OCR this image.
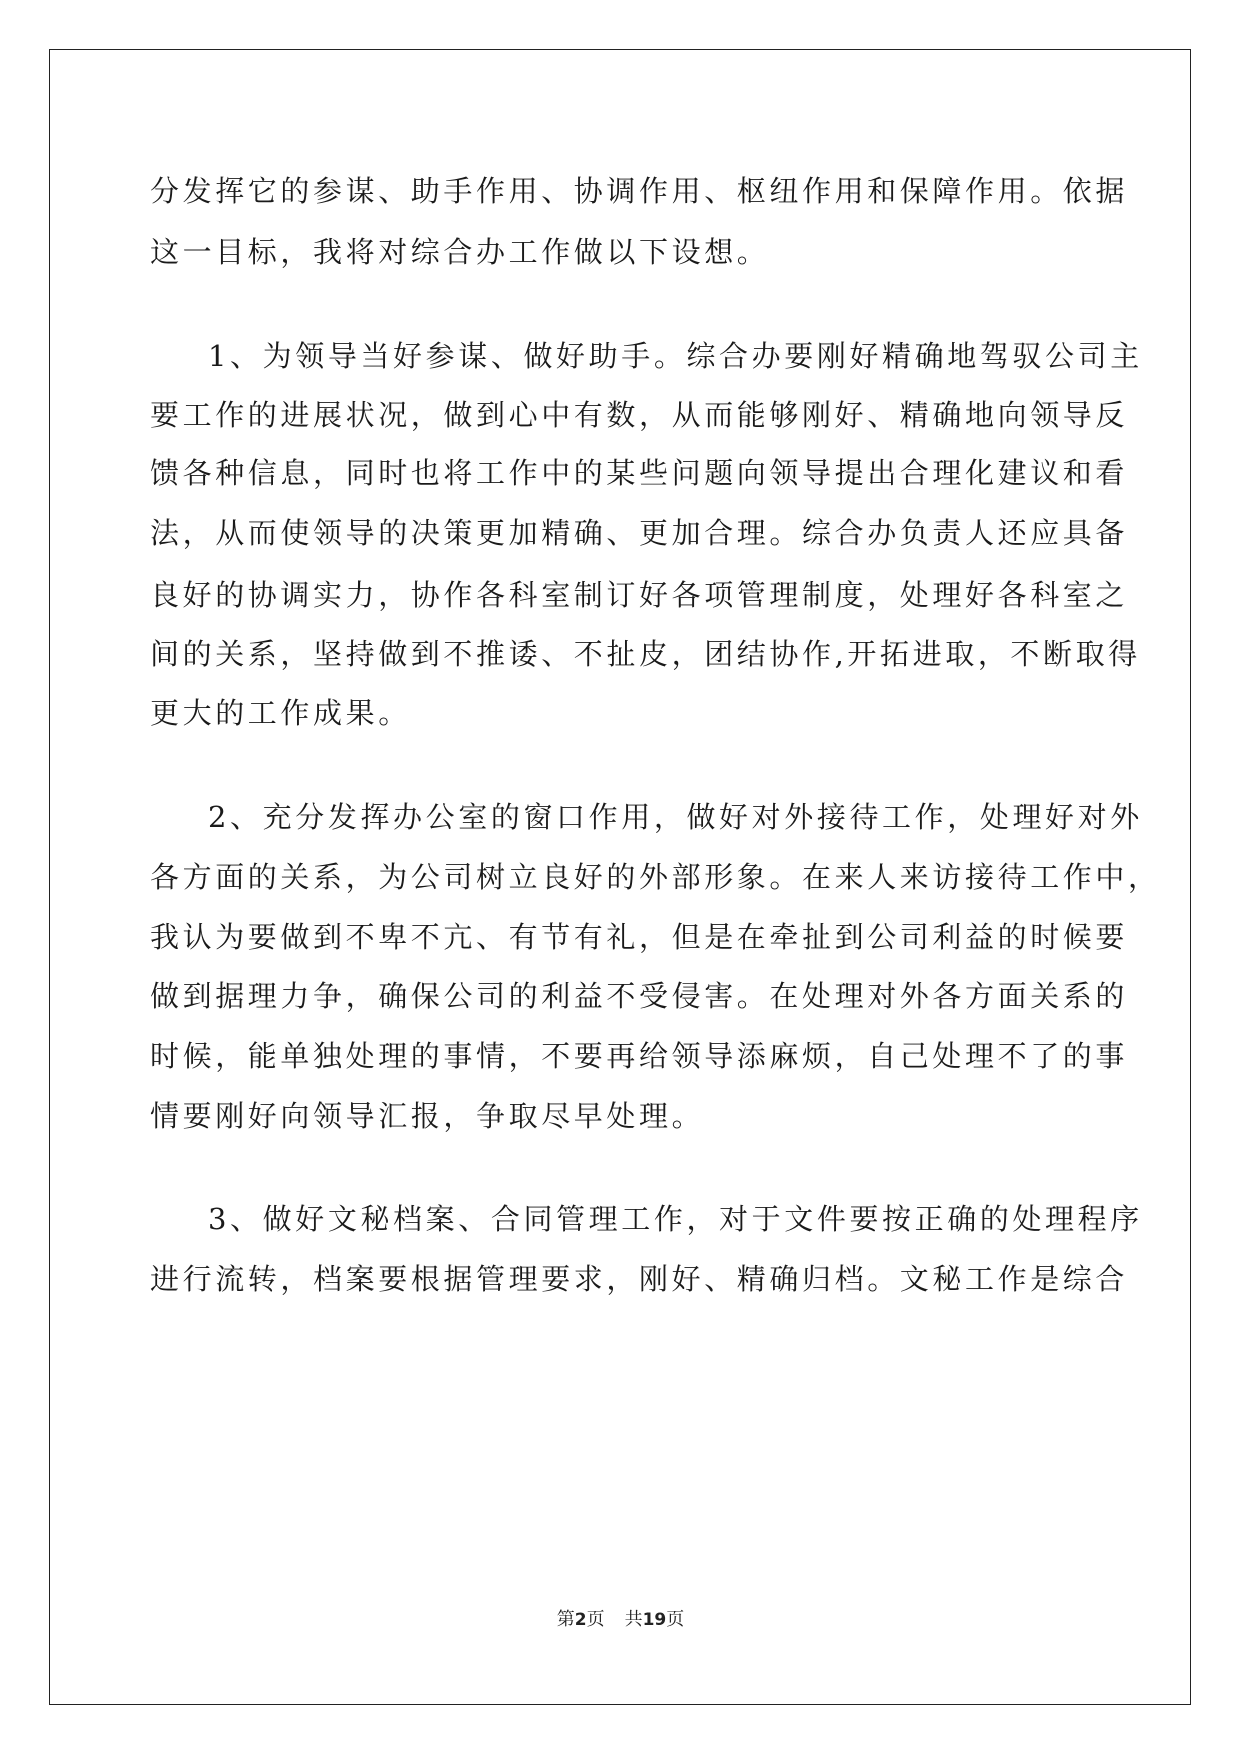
分发挥它的参谋、助手作用、协调作用、枢纽作用和保障作用。依据
这一目标，我将对综合办工作做以下设想。
1、为领导当好参谋、做好助手。综合办要刚好精确地驾驭公司主
要工作的进展状况，做到心中有数，从而能够刚好、精确地向领导反
馈各种信息，同时也将工作中的某些问题向领导提出合理化建议和看
法，从而使领导的决策更加精确、更加合理。综合办负责人还应具备
良好的协调实力，协作各科室制订好各项管理制度，处理好各科室之
间的关系，坚持做到不推诿、不扯皮，团结协作,开拓进取，不断取得
更大的工作成果。
2、充分发挥办公室的窗口作用，做好对外接待工作，处理好对外
各方面的关系，为公司树立良好的外部形象。在来人来访接待工作中，
我认为要做到不卑不亢、有节有礼，但是在牵扯到公司利益的时候要
做到据理力争，确保公司的利益不受侵害。在处理对外各方面关系的
时候，能单独处理的事情，不要再给领导添麻烦，自己处理不了的事
情要刚好向领导汇报，争取尽早处理。
3、做好文秘档案、合同管理工作，对于文件要按正确的处理程序
进行流转，档案要根据管理要求，刚好、精确归档。文秘工作是综合
第2页 共19页
